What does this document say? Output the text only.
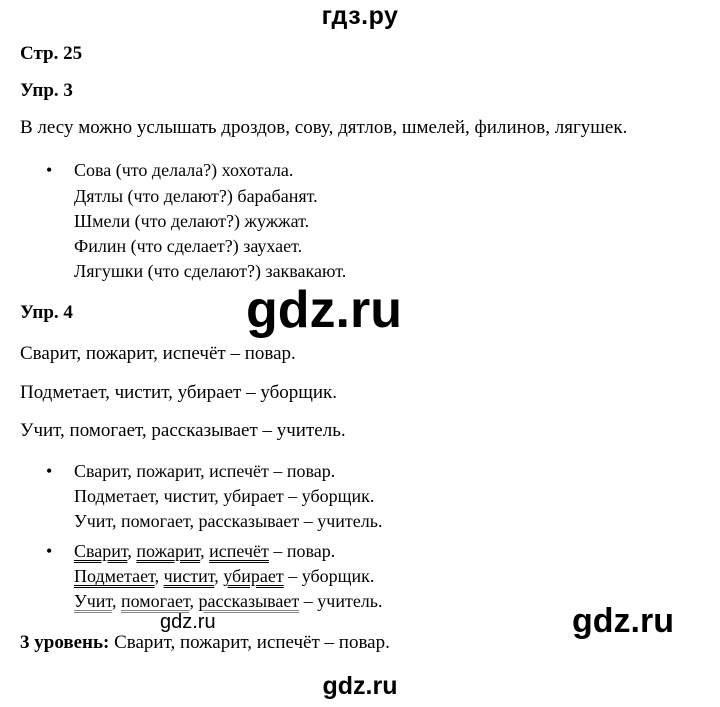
гдз.ру
Стр. 25
Упр. 3
В лесу можно услышать дроздов, сову, дятлов, шмелей, филинов, лягушек.
• Сова (что делала?) хохотала.
Дятлы (что делают?) барабанят.
Шмели (что делают?) жужжат.
Филин (что сделает?) заухает.
Лягушки (что сделают?) заквакают.
gdz.ru
Упр. 4
Сварит, пожарит, испечёт – повар.
Подметает, чистит, убирает – уборщик.
Учит, помогает, рассказывает – учитель.
• Сварит, пожарит, испечёт – повар.
Подметает, чистит, убирает – уборщик.
Учит, помогает, рассказывает – учитель.
• Сварит, пожарит, испечёт – повар.
Подметает, чистит, убирает – уборщик.
Учит, помогает, рассказывает – учитель.
gdz.ru	gdz.ru
3 уровень: Сварит, пожарит, испечёт – повар.
gdz.ru
